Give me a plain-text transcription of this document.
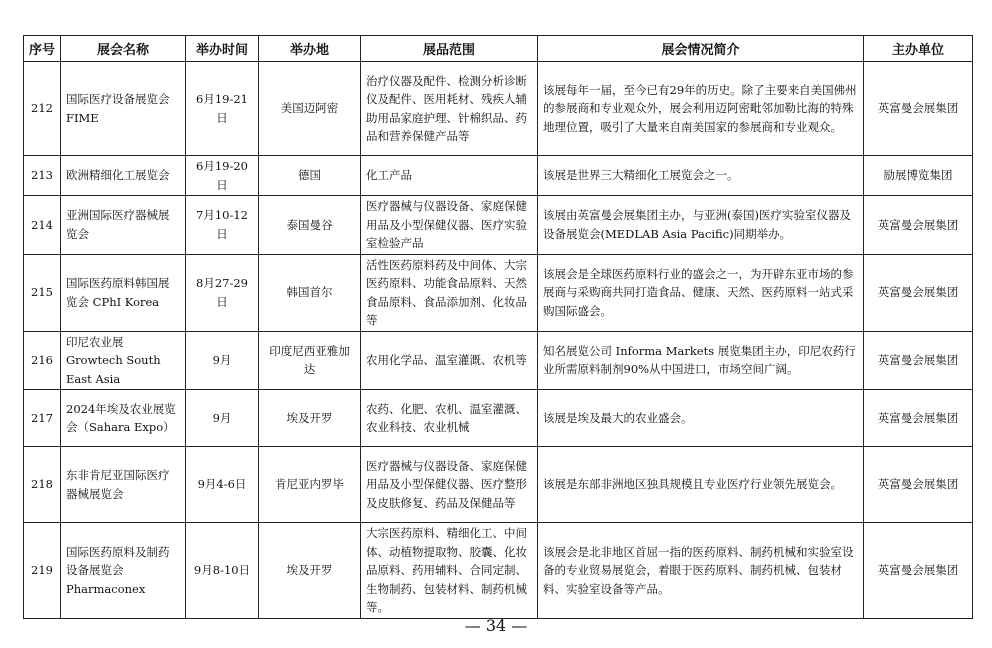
序号	展会名称	举办时间	举办地	展品范围	展会情况简介	主办单位
212	国际医疗设备展览会 FIME	6月19-21日	美国迈阿密	治疗仪器及配件、检测分析诊断仪及配件、医用耗材、残疾人辅助用品家庭护理、针棉织品、药品和营养保健产品等	该展每年一届，至今已有29年的历史。除了主要来自美国佛州的参展商和专业观众外，展会利用迈阿密毗邻加勒比海的特殊地理位置，吸引了大量来自南美国家的参展商和专业观众。	英富曼会展集团
213	欧洲精细化工展览会	6月19-20日	德国	化工产品	该展是世界三大精细化工展览会之一。	励展博览集团
214	亚洲国际医疗器械展览会	7月10-12日	泰国曼谷	医疗器械与仪器设备、家庭保健用品及小型保健仪器、医疗实验室检验产品	该展由英富曼会展集团主办，与亚洲(泰国)医疗实验室仪器及设备展览会(MEDLAB Asia Pacific)同期举办。	英富曼会展集团
215	国际医药原料韩国展览会 CPhI Korea	8月27-29日	韩国首尔	活性医药原料药及中间体、大宗医药原料、功能食品原料、天然食品原料、食品添加剂、化妆品等	该展会是全球医药原料行业的盛会之一，为开辟东亚市场的参展商与采购商共同打造食品、健康、天然、医药原料一站式采购国际盛会。	英富曼会展集团
216	印尼农业展 Growtech South East Asia	9月	印度尼西亚雅加达	农用化学品、温室灌溉、农机等	知名展览公司 Informa Markets 展览集团主办，印尼农药行业所需原料制剂90%从中国进口，市场空间广阔。	英富曼会展集团
217	2024年埃及农业展览会（Sahara Expo）	9月	埃及开罗	农药、化肥、农机、温室灌溉、农业科技、农业机械	该展是埃及最大的农业盛会。	英富曼会展集团
218	东非肯尼亚国际医疗器械展览会	9月4-6日	肯尼亚内罗毕	医疗器械与仪器设备、家庭保健用品及小型保健仪器、医疗整形及皮肤修复、药品及保健品等	该展是东部非洲地区独具规模且专业医疗行业领先展览会。	英富曼会展集团
219	国际医药原料及制药设备展览会 Pharmaconex	9月8-10日	埃及开罗	大宗医药原料、精细化工、中间体、动植物提取物、胶囊、化妆品原料、药用辅料、合同定制、生物制药、包装材料、制药机械等。	该展会是北非地区首屈一指的医药原料、制药机械和实验室设备的专业贸易展览会，着眼于医药原料、制药机械、包装材料、实验室设备等产品。	英富曼会展集团
— 34 —
